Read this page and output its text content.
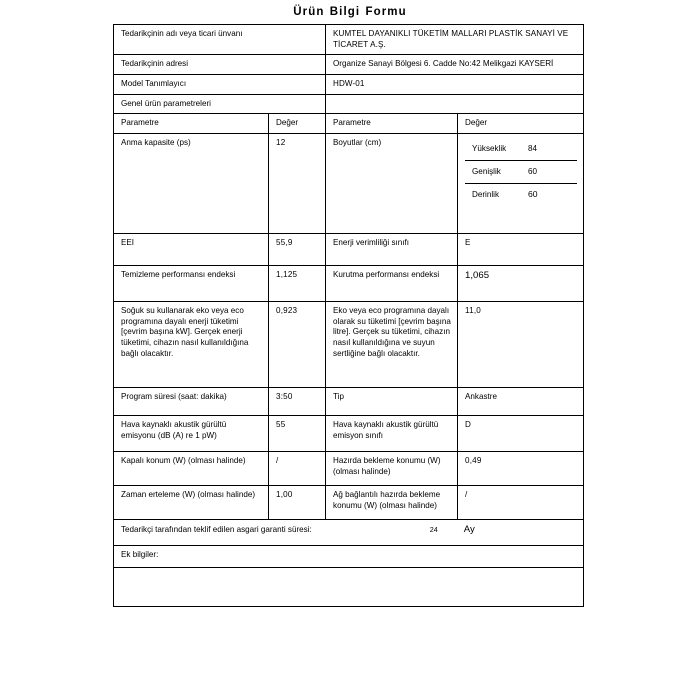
Ürün Bilgi Formu
Tedarikçinin adı veya ticari ünvanı	KUMTEL DAYANIKLI TÜKETİM MALLARI PLASTİK SANAYİ VE TİCARET A.Ş.
Tedarikçinin adresi	Organize Sanayi Bölgesi 6. Cadde No:42 Melikgazi KAYSERİ
Model Tanımlayıcı	HDW-01
Genel ürün parametreleri	
Parametre	Değer	Parametre	Değer
Anma kapasite (ps)	12	Boyutlar (cm)	
Yükseklik	84
Genişlik	60
Derinlik	60

EEI	55,9	Enerji verimliliği sınıfı	E
Temizleme performansı endeksi	1,125	Kurutma performansı endeksi	1,065
Soğuk su kullanarak eko veya eco programına dayalı enerji tüketimi [çevrim başına kW]. Gerçek enerji tüketimi, cihazın nasıl kullanıldığına bağlı olacaktır.	0,923	Eko veya eco programına dayalı olarak su tüketimi [çevrim başına litre]. Gerçek su tüketimi, cihazın nasıl kullanıldığına ve suyun sertliğine bağlı olacaktır.	11,0
Program süresi (saat: dakika)	3:50	Tip	Ankastre
Hava kaynaklı akustik gürültü emisyonu (dB (A) re 1 pW)	55	Hava kaynaklı akustik gürültü emisyon sınıfı	D
Kapalı konum (W) (olması halinde)	/	Hazırda bekleme konumu (W) (olması halinde)	0,49
Zaman erteleme (W) (olması halinde)	1,00	Ağ bağlantılı hazırda bekleme konumu (W) (olması halinde)	/
Tedarikçi tarafından teklif edilen asgari garanti süresi:	24	Ay
Ek bilgiler:
